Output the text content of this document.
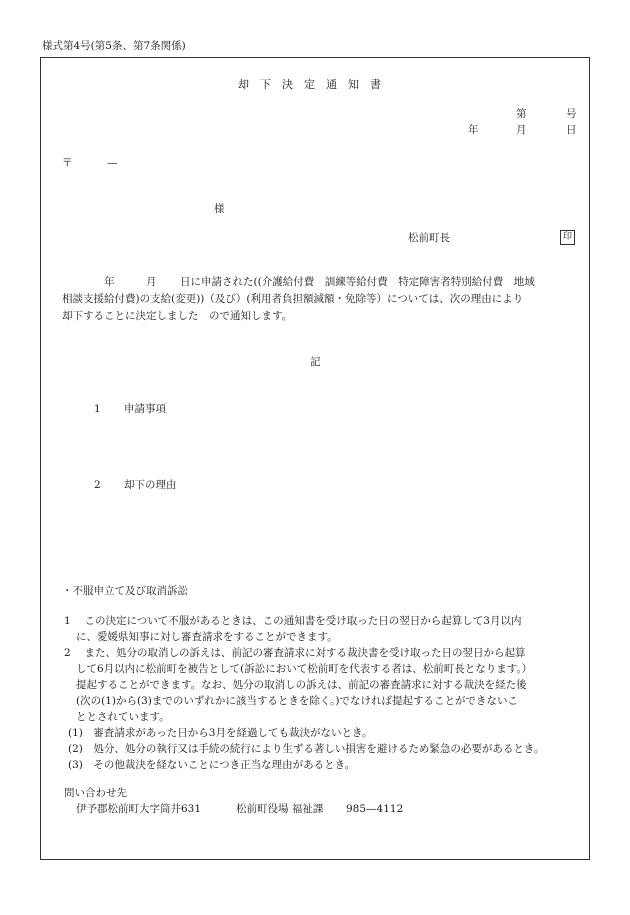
様式第4号(第5条、第7条関係)
却下決定通知書
第	号
年	月	日
〒	—
様
松前町長	印
年	月 日に申請された((介護給付費　訓練等給付費　特定障害者特別給付費　地域
相談支援給付費)の支給(変更))（及び）(利用者負担額減額・免除等）については、次の理由により
却下することに決定しました　ので通知します。
記
1 申請事項
2 却下の理由
・不服申立て及び取消訴訟
1　 この決定について不服があるときは、この通知書を受け取った日の翌日から起算して3月以内
に、愛媛県知事に対し審査請求をすることができます。
2　 また、処分の取消しの訴えは、前記の審査請求に対する裁決書を受け取った日の翌日から起算
して6月以内に松前町を被告として(訴訟において松前町を代表する者は、松前町長となります。）
提起することができます。なお、処分の取消しの訴えは、前記の審査請求に対する裁決を経た後
(次の(1)から(3)までのいずれかに該当するときを除く。)でなければ提起することができないこ
ととされています。
(1)　審査請求があった日から3月を経過しても裁決がないとき。
(2)　処分、処分の執行又は手続の続行により生ずる著しい損害を避けるため緊急の必要があるとき。
(3)　その他裁決を経ないことにつき正当な理由があるとき。
問い合わせ先
伊予郡松前町大字筒井631	松前町役場 福祉課 985—4112
